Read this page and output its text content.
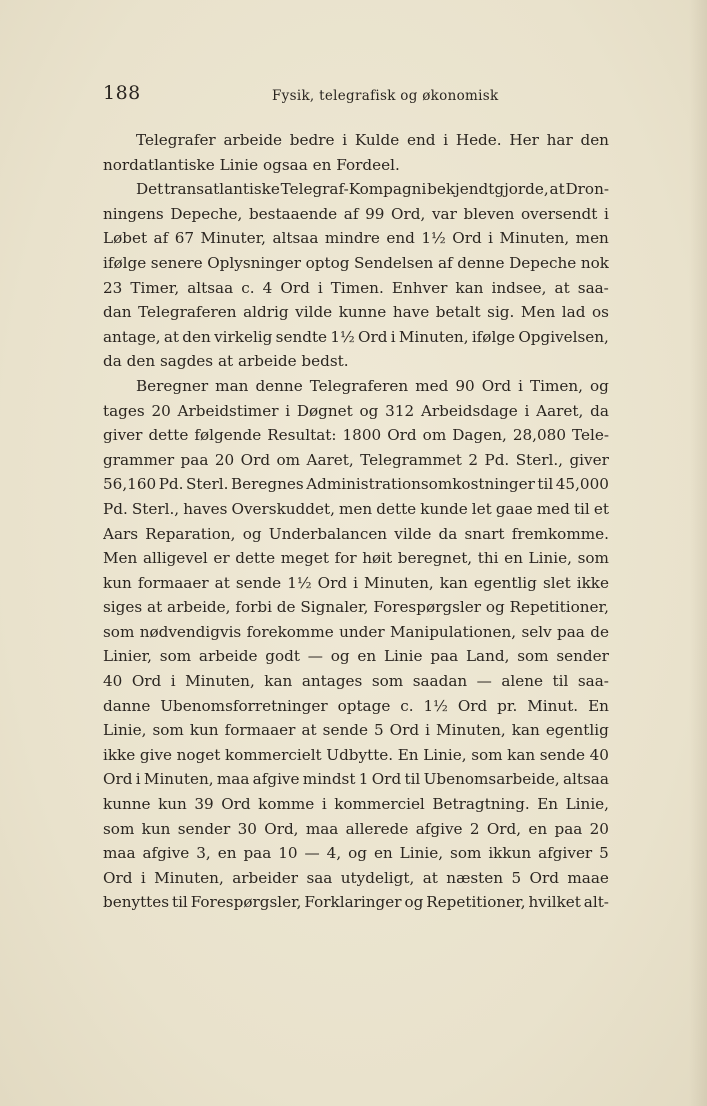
188	Fysik, telegrafisk og økonomisk
Telegrafer arbeide bedre i Kulde end i Hede. Her har den
nordatlantiske Linie ogsaa en Fordeel.
Det transatlantiske Telegraf-Kompagni bekjendtgjorde, at Dron-
ningens Depeche, bestaaende af 99 Ord, var bleven oversendt i
Løbet af 67 Minuter, altsaa mindre end 1½ Ord i Minuten, men
ifølge senere Oplysninger optog Sendelsen af denne Depeche nok
23 Timer, altsaa c. 4 Ord i Timen. Enhver kan indsee, at saa-
dan Telegraferen aldrig vilde kunne have betalt sig. Men lad os
antage, at den virkelig sendte 1½ Ord i Minuten, ifølge Opgivelsen,
da den sagdes at arbeide bedst.
Beregner man denne Telegraferen med 90 Ord i Timen, og
tages 20 Arbeidstimer i Døgnet og 312 Arbeidsdage i Aaret, da
giver dette følgende Resultat: 1800 Ord om Dagen, 28,080 Tele-
grammer paa 20 Ord om Aaret, Telegrammet 2 Pd. Sterl., giver
56,160 Pd. Sterl. Beregnes Administrationsomkostninger til 45,000
Pd. Sterl., haves Overskuddet, men dette kunde let gaae med til et
Aars Reparation, og Underbalancen vilde da snart fremkomme.
Men alligevel er dette meget for høit beregnet, thi en Linie, som
kun formaaer at sende 1½ Ord i Minuten, kan egentlig slet ikke
siges at arbeide, forbi de Signaler, Forespørgsler og Repetitioner,
som nødvendigvis forekomme under Manipulationen, selv paa de
Linier, som arbeide godt — og en Linie paa Land, som sender
40 Ord i Minuten, kan antages som saadan — alene til saa-
danne Ubenomsforretninger optage c. 1½ Ord pr. Minut. En
Linie, som kun formaaer at sende 5 Ord i Minuten, kan egentlig
ikke give noget kommercielt Udbytte. En Linie, som kan sende 40
Ord i Minuten, maa afgive mindst 1 Ord til Ubenomsarbeide, altsaa
kunne kun 39 Ord komme i kommerciel Betragtning. En Linie,
som kun sender 30 Ord, maa allerede afgive 2 Ord, en paa 20
maa afgive 3, en paa 10 — 4, og en Linie, som ikkun afgiver 5
Ord i Minuten, arbeider saa utydeligt, at næsten 5 Ord maae
benyttes til Forespørgsler, Forklaringer og Repetitioner, hvilket alt-
